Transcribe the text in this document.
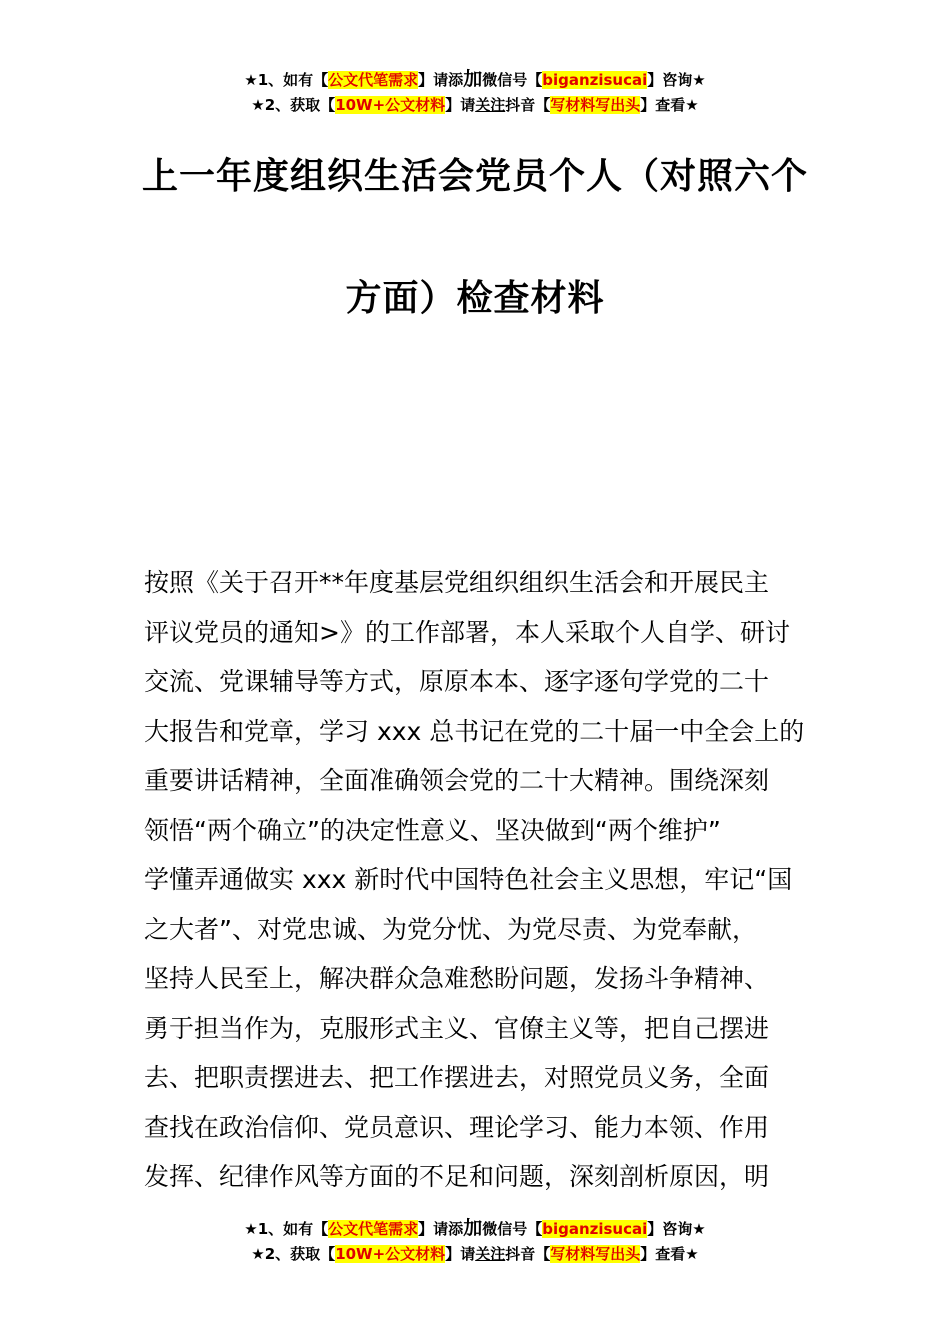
★1、如有【公文代笔需求】请添加微信号【biganzisucai】咨询★
★2、获取【10W+公文材料】请关注抖音【写材料写出头】查看★
上一年度组织生活会党员个人（对照六个
方面）检查材料
按照《关于召开**年度基层党组织组织生活会和开展民主
评议党员的通知>》的工作部署，本人采取个人自学、研讨
交流、党课辅导等方式，原原本本、逐字逐句学党的二十
大报告和党章，学习 xxx 总书记在党的二十届一中全会上的
重要讲话精神，全面准确领会党的二十大精神。围绕深刻
领悟“两个确立”的决定性意义、坚决做到“两个维护”
学懂弄通做实 xxx 新时代中国特色社会主义思想，牢记“国
之大者”、对党忠诚、为党分忧、为党尽责、为党奉献，
坚持人民至上，解决群众急难愁盼问题，发扬斗争精神、
勇于担当作为，克服形式主义、官僚主义等，把自己摆进
去、把职责摆进去、把工作摆进去，对照党员义务，全面
查找在政治信仰、党员意识、理论学习、能力本领、作用
发挥、纪律作风等方面的不足和问题，深刻剖析原因，明
★1、如有【公文代笔需求】请添加微信号【biganzisucai】咨询★
★2、获取【10W+公文材料】请关注抖音【写材料写出头】查看★
